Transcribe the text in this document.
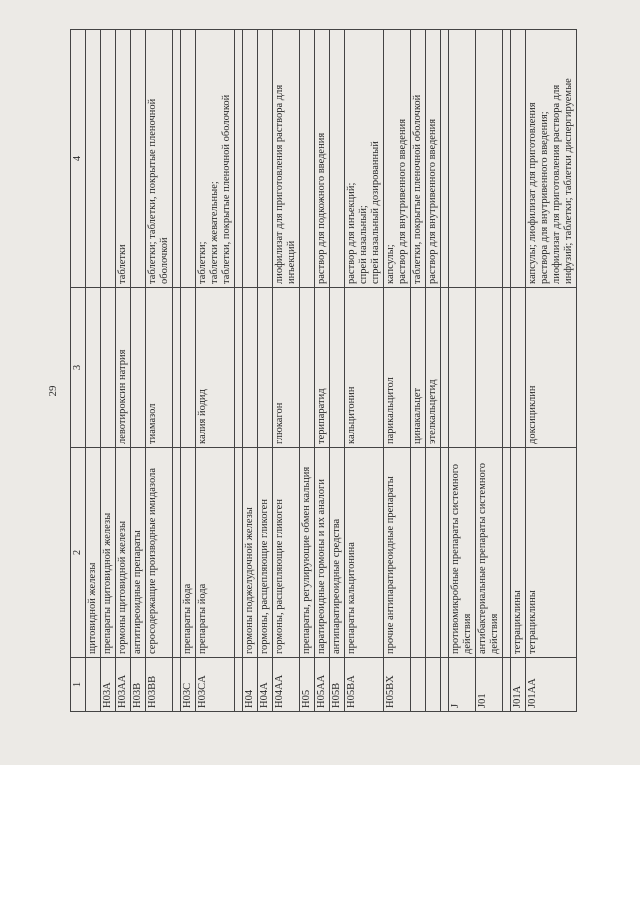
29
1	2	3	4
	щитовидной железы		
H03A	препараты щитовидной железы		
H03AA	гормоны щитовидной железы	левотироксин натрия	таблетки
H03B	антитиреоидные препараты		
H03BB	серосодержащие производные имидазола	тиамазол	таблетки; таблетки, покрытые пленочной
оболочкой

H03C	препараты йода		
H03CA	препараты йода	калия йодид	таблетки;
таблетки жевательные;
таблетки, покрытые пленочной оболочкой

H04	гормоны поджелудочной железы		
H04A	гормоны, расщепляющие гликоген		
H04AA	гормоны, расщепляющие гликоген	глюкагон	лиофилизат для приготовления раствора для
инъекций
H05	препараты, регулирующие обмен кальция		
H05AA	паратиреоидные гормоны и их аналоги	терипаратид	раствор для подкожного введения
H05B	антипаратиреоидные средства		
H05BA	препараты кальцитонина	кальцитонин	раствор для инъекций;
спрей назальный;
спрей назальный дозированный
H05BX	прочие антипаратиреоидные препараты	парикальцитол	капсулы;
раствор для внутривенного введения
		цинакальцет	таблетки, покрытые пленочной оболочкой
		этелкальцетид	раствор для внутривенного введения

J	противомикробные препараты системного
действия		
J01	антибактериальные препараты системного
действия		

J01A	тетрациклины		
J01AA	тетрациклины	доксициклин	капсулы; лиофилизат для приготовления
раствора для внутривенного введения;
лиофилизат для приготовления раствора для
инфузий; таблетки; таблетки диспергируемые
